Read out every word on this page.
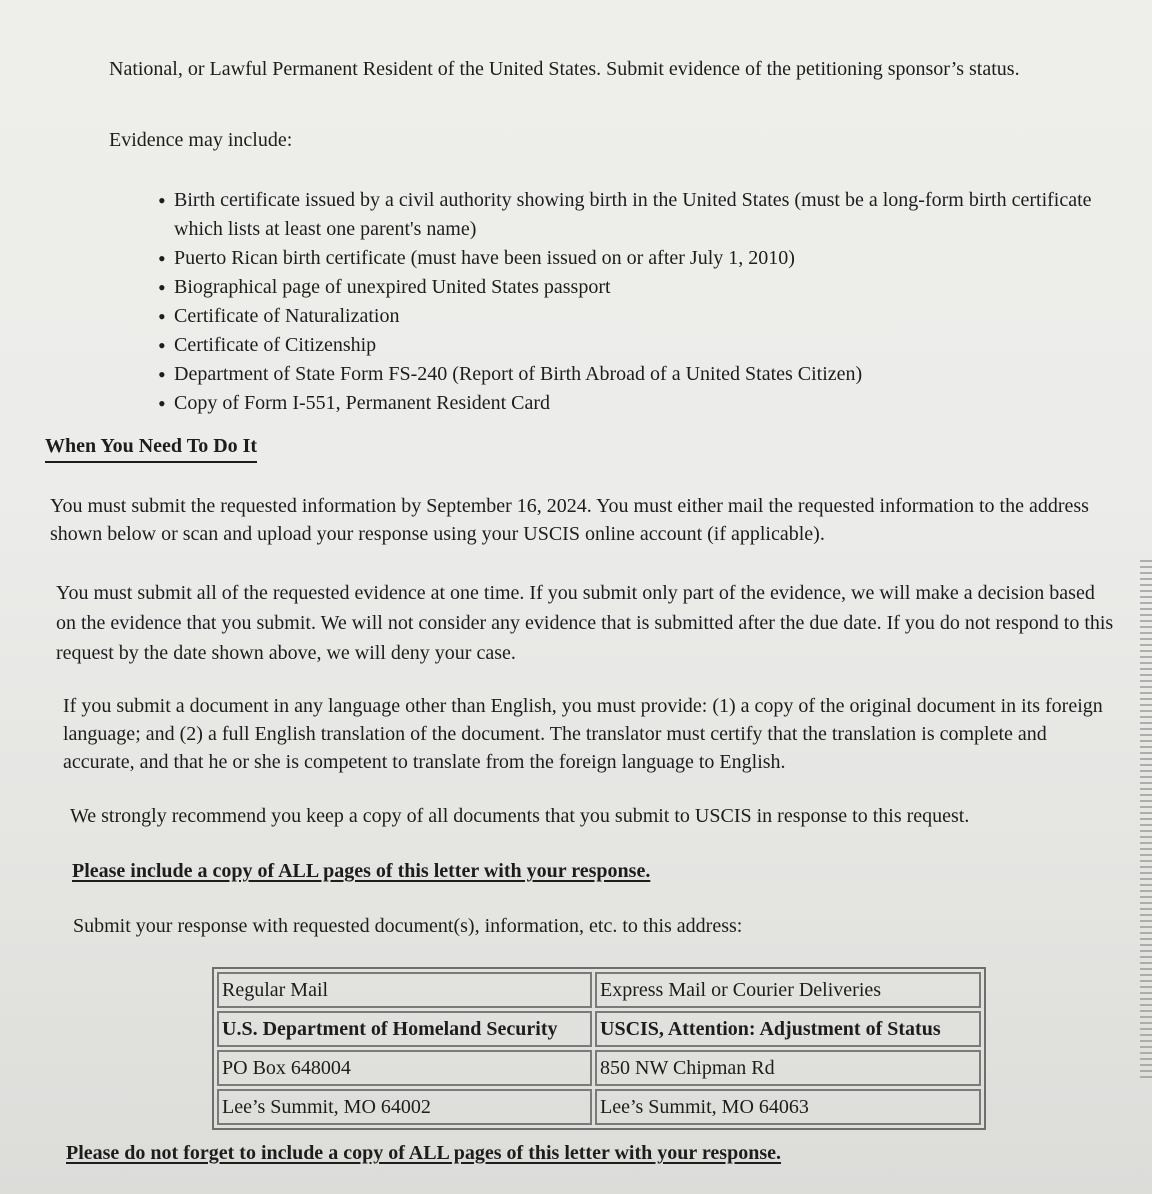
National, or Lawful Permanent Resident of the United States. Submit evidence of the petitioning sponsor’s status.

Evidence may include:

• Birth certificate issued by a civil authority showing birth in the United States (must be a long-form birth certificate which lists at least one parent's name)
• Puerto Rican birth certificate (must have been issued on or after July 1, 2010)
• Biographical page of unexpired United States passport
• Certificate of Naturalization
• Certificate of Citizenship
• Department of State Form FS-240 (Report of Birth Abroad of a United States Citizen)
• Copy of Form I-551, Permanent Resident Card
When You Need To Do It

You must submit the requested information by September 16, 2024. You must either mail the requested information to the address shown below or scan and upload your response using your USCIS online account (if applicable).

You must submit all of the requested evidence at one time. If you submit only part of the evidence, we will make a decision based on the evidence that you submit. We will not consider any evidence that is submitted after the due date. If you do not respond to this request by the date shown above, we will deny your case.

If you submit a document in any language other than English, you must provide: (1) a copy of the original document in its foreign language; and (2) a full English translation of the document. The translator must certify that the translation is complete and accurate, and that he or she is competent to translate from the foreign language to English.

We strongly recommend you keep a copy of all documents that you submit to USCIS in response to this request.

Please include a copy of ALL pages of this letter with your response.

Submit your response with requested document(s), information, etc. to this address:

Regular Mail	Express Mail or Courier Deliveries
U.S. Department of Homeland Security	USCIS, Attention: Adjustment of Status
PO Box 648004	850 NW Chipman Rd
Lee’s Summit, MO 64002	Lee’s Summit, MO 64063
Please do not forget to include a copy of ALL pages of this letter with your response.
